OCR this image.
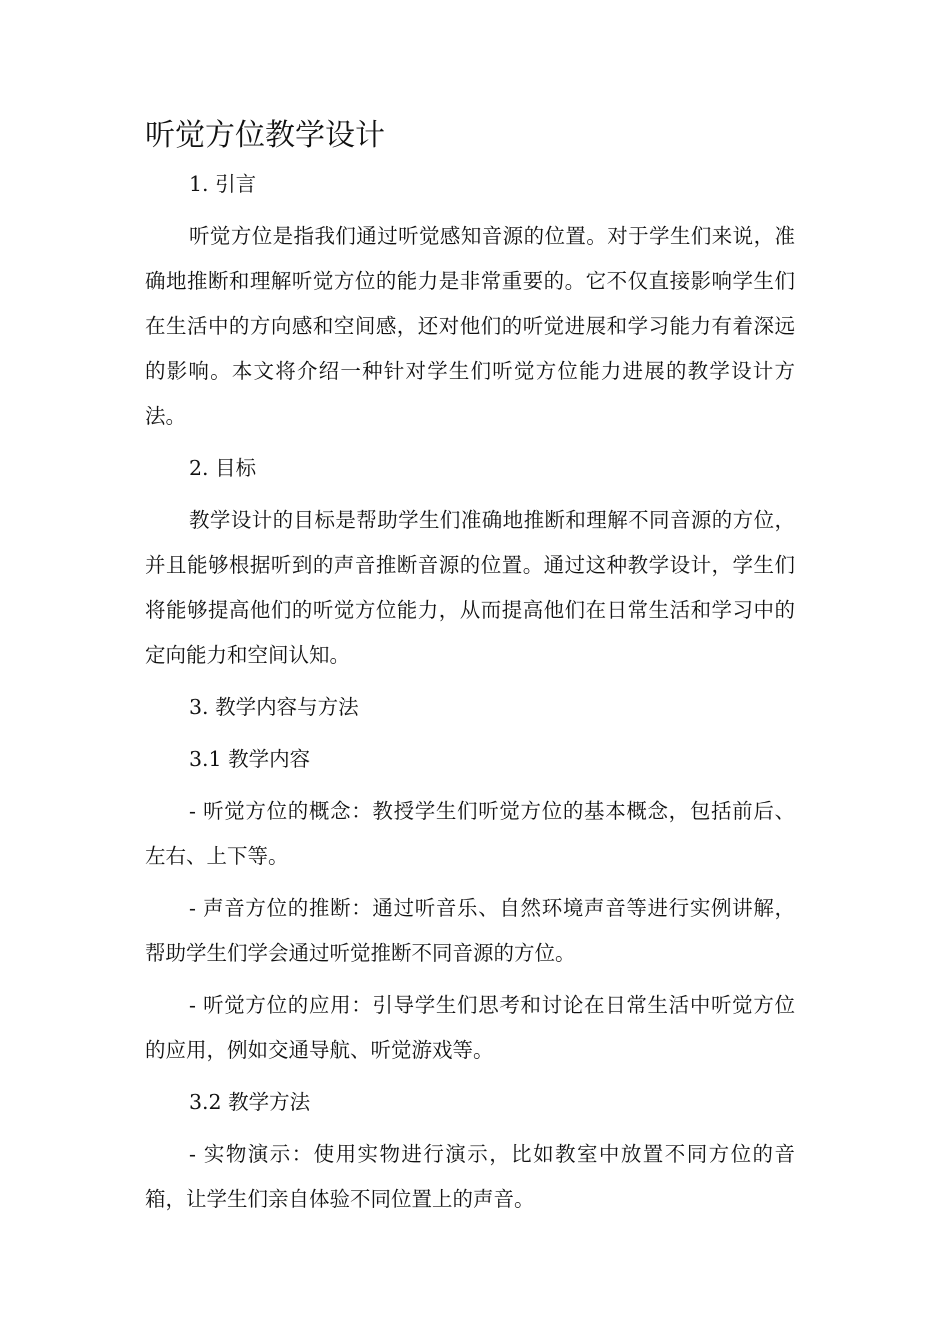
听觉方位教学设计

1. 引言

听觉方位是指我们通过听觉感知音源的位置。对于学生们来说，准确地推断和理解听觉方位的能力是非常重要的。它不仅直接影响学生们在生活中的方向感和空间感，还对他们的听觉进展和学习能力有着深远的影响。本文将介绍一种针对学生们听觉方位能力进展的教学设计方法。

2. 目标

教学设计的目标是帮助学生们准确地推断和理解不同音源的方位，并且能够根据听到的声音推断音源的位置。通过这种教学设计，学生们将能够提高他们的听觉方位能力，从而提高他们在日常生活和学习中的定向能力和空间认知。

3. 教学内容与方法

3.1 教学内容

- 听觉方位的概念：教授学生们听觉方位的基本概念，包括前后、左右、上下等。

- 声音方位的推断：通过听音乐、自然环境声音等进行实例讲解，帮助学生们学会通过听觉推断不同音源的方位。

- 听觉方位的应用：引导学生们思考和讨论在日常生活中听觉方位的应用，例如交通导航、听觉游戏等。

3.2 教学方法

- 实物演示：使用实物进行演示，比如教室中放置不同方位的音箱，让学生们亲自体验不同位置上的声音。
